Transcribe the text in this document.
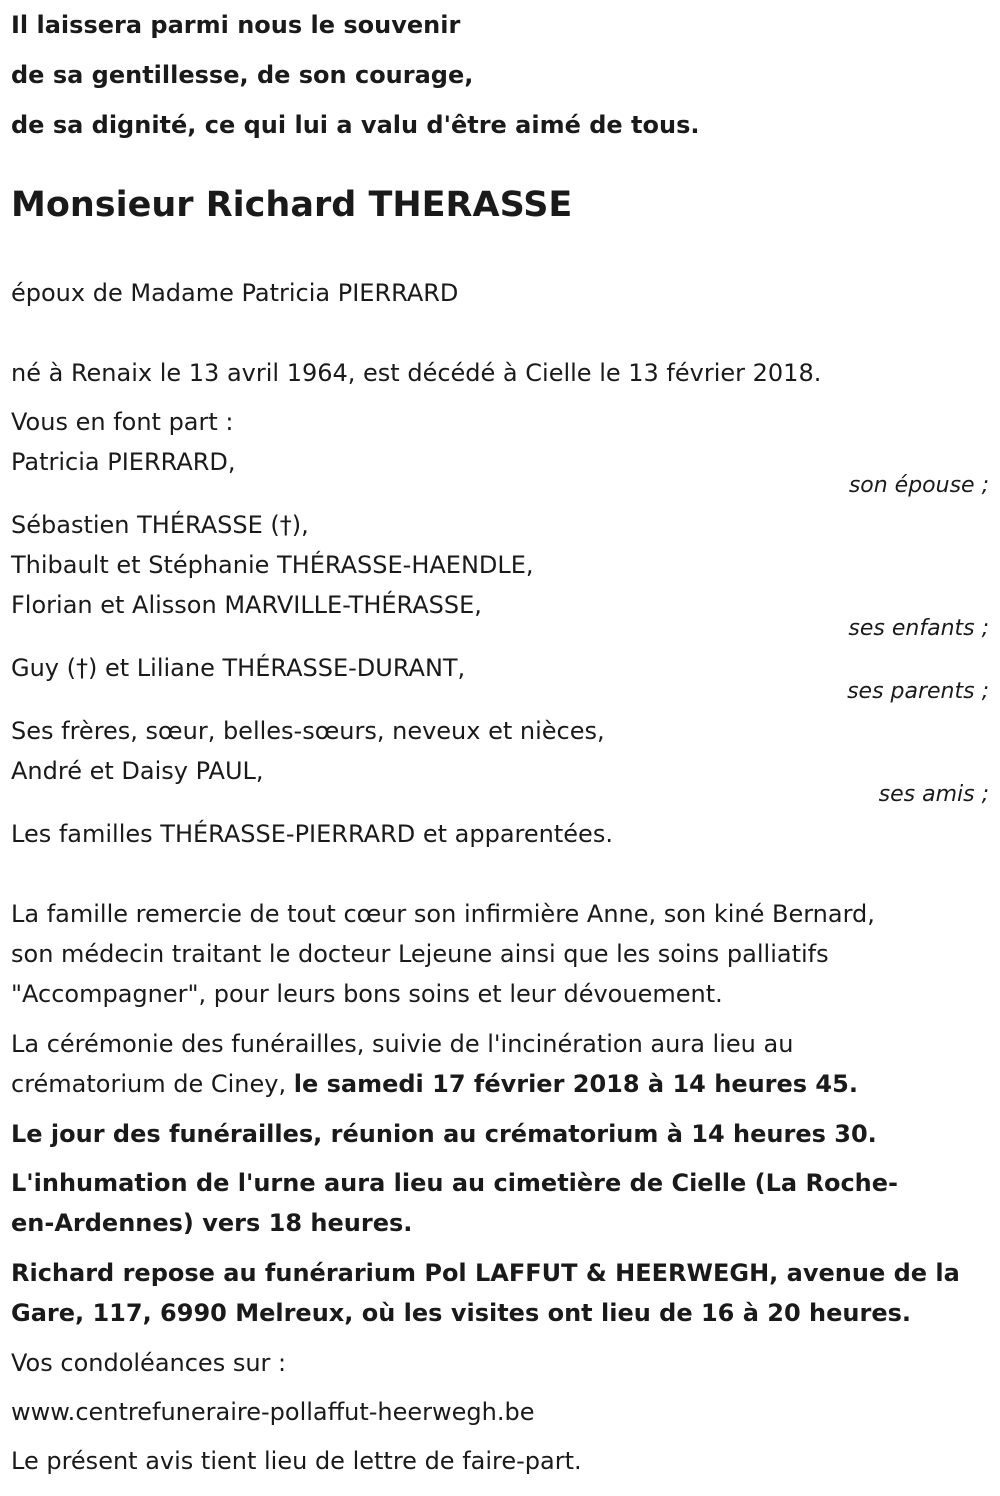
Il laissera parmi nous le souvenir
de sa gentillesse, de son courage,
de sa dignité, ce qui lui a valu d'être aimé de tous.
Monsieur Richard THERASSE
époux de Madame Patricia PIERRARD
né à Renaix le 13 avril 1964, est décédé à Cielle le 13 février 2018.
Vous en font part :
Patricia PIERRARD,
son épouse ;
Sébastien THÉRASSE (†),
Thibault et Stéphanie THÉRASSE-HAENDLE,
Florian et Alisson MARVILLE-THÉRASSE,
ses enfants ;
Guy (†) et Liliane THÉRASSE-DURANT,
ses parents ;
Ses frères, sœur, belles-sœurs, neveux et nièces,
André et Daisy PAUL,
ses amis ;
Les familles THÉRASSE-PIERRARD et apparentées.
La famille remercie de tout cœur son infirmière Anne, son kiné Bernard,
son médecin traitant le docteur Lejeune ainsi que les soins palliatifs
"Accompagner", pour leurs bons soins et leur dévouement.
La cérémonie des funérailles, suivie de l'incinération aura lieu au
crématorium de Ciney, le samedi 17 février 2018 à 14 heures 45.
Le jour des funérailles, réunion au crématorium à 14 heures 30.
L'inhumation de l'urne aura lieu au cimetière de Cielle (La Roche-
en-Ardennes) vers 18 heures.
Richard repose au funérarium Pol LAFFUT & HEERWEGH, avenue de la
Gare, 117, 6990 Melreux, où les visites ont lieu de 16 à 20 heures.
Vos condoléances sur :
www.centrefuneraire-pollaffut-heerwegh.be
Le présent avis tient lieu de lettre de faire-part.
